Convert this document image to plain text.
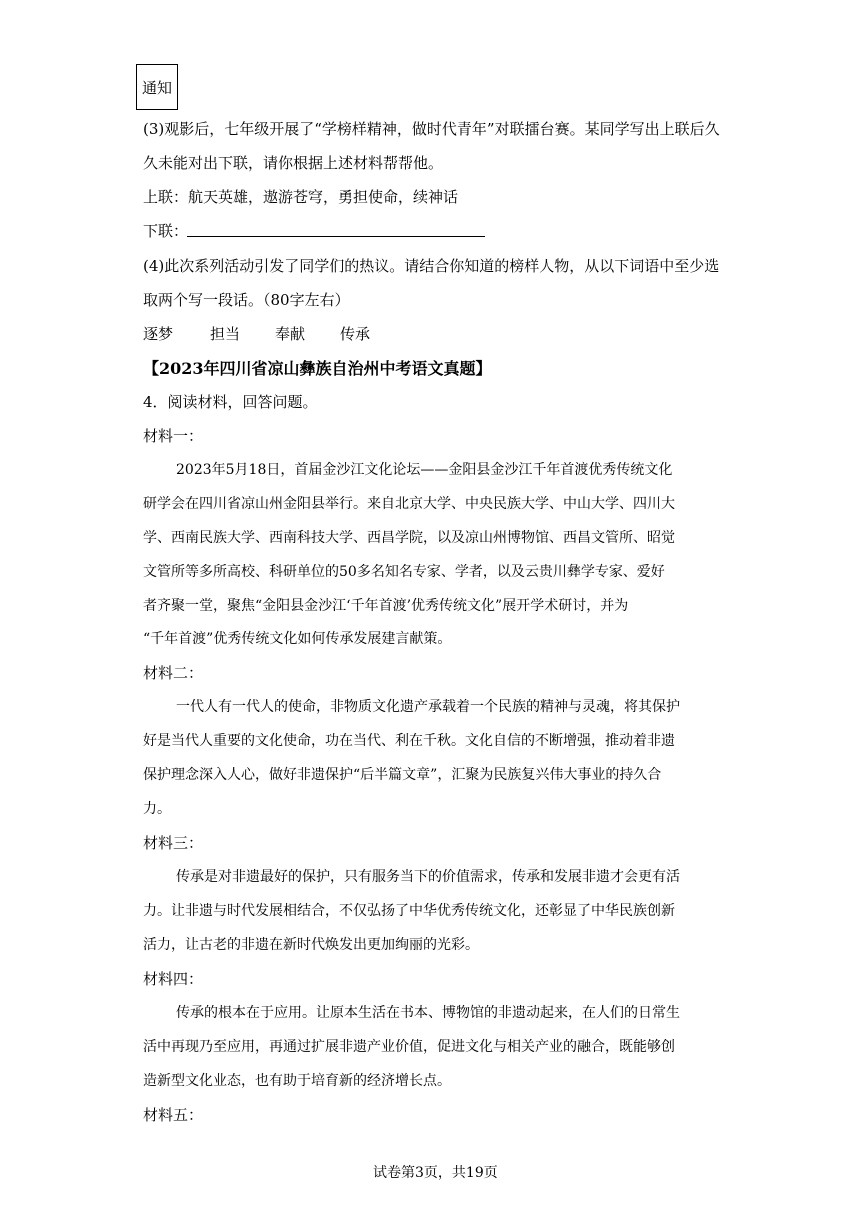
通知
(3)观影后，七年级开展了“学榜样精神，做时代青年”对联擂台赛。某同学写出上联后久
久未能对出下联，请你根据上述材料帮帮他。
上联：航天英雄，遨游苍穹，勇担使命，续神话
下联：
(4)此次系列活动引发了同学们的热议。请结合你知道的榜样人物，从以下词语中至少选
取两个写一段话。（80字左右）
逐梦 担当 奉献 传承
【2023年四川省凉山彝族自治州中考语文真题】
4．阅读材料，回答问题。
材料一：
2023年5月18日，首届金沙江文化论坛——金阳县金沙江千年首渡优秀传统文化
研学会在四川省凉山州金阳县举行。来自北京大学、中央民族大学、中山大学、四川大
学、西南民族大学、西南科技大学、西昌学院，以及凉山州博物馆、西昌文管所、昭觉
文管所等多所高校、科研单位的50多名知名专家、学者，以及云贵川彝学专家、爱好
者齐聚一堂，聚焦“金阳县金沙江‘千年首渡’优秀传统文化”展开学术研讨，并为
“千年首渡”优秀传统文化如何传承发展建言献策。
材料二：
一代人有一代人的使命，非物质文化遗产承载着一个民族的精神与灵魂，将其保护
好是当代人重要的文化使命，功在当代、利在千秋。文化自信的不断增强，推动着非遗
保护理念深入人心，做好非遗保护“后半篇文章”，汇聚为民族复兴伟大事业的持久合
力。
材料三：
传承是对非遗最好的保护，只有服务当下的价值需求，传承和发展非遗才会更有活
力。让非遗与时代发展相结合，不仅弘扬了中华优秀传统文化，还彰显了中华民族创新
活力，让古老的非遗在新时代焕发出更加绚丽的光彩。
材料四：
传承的根本在于应用。让原本生活在书本、博物馆的非遗动起来，在人们的日常生
活中再现乃至应用，再通过扩展非遗产业价值，促进文化与相关产业的融合，既能够创
造新型文化业态，也有助于培育新的经济增长点。
材料五：
试卷第3页，共19页
